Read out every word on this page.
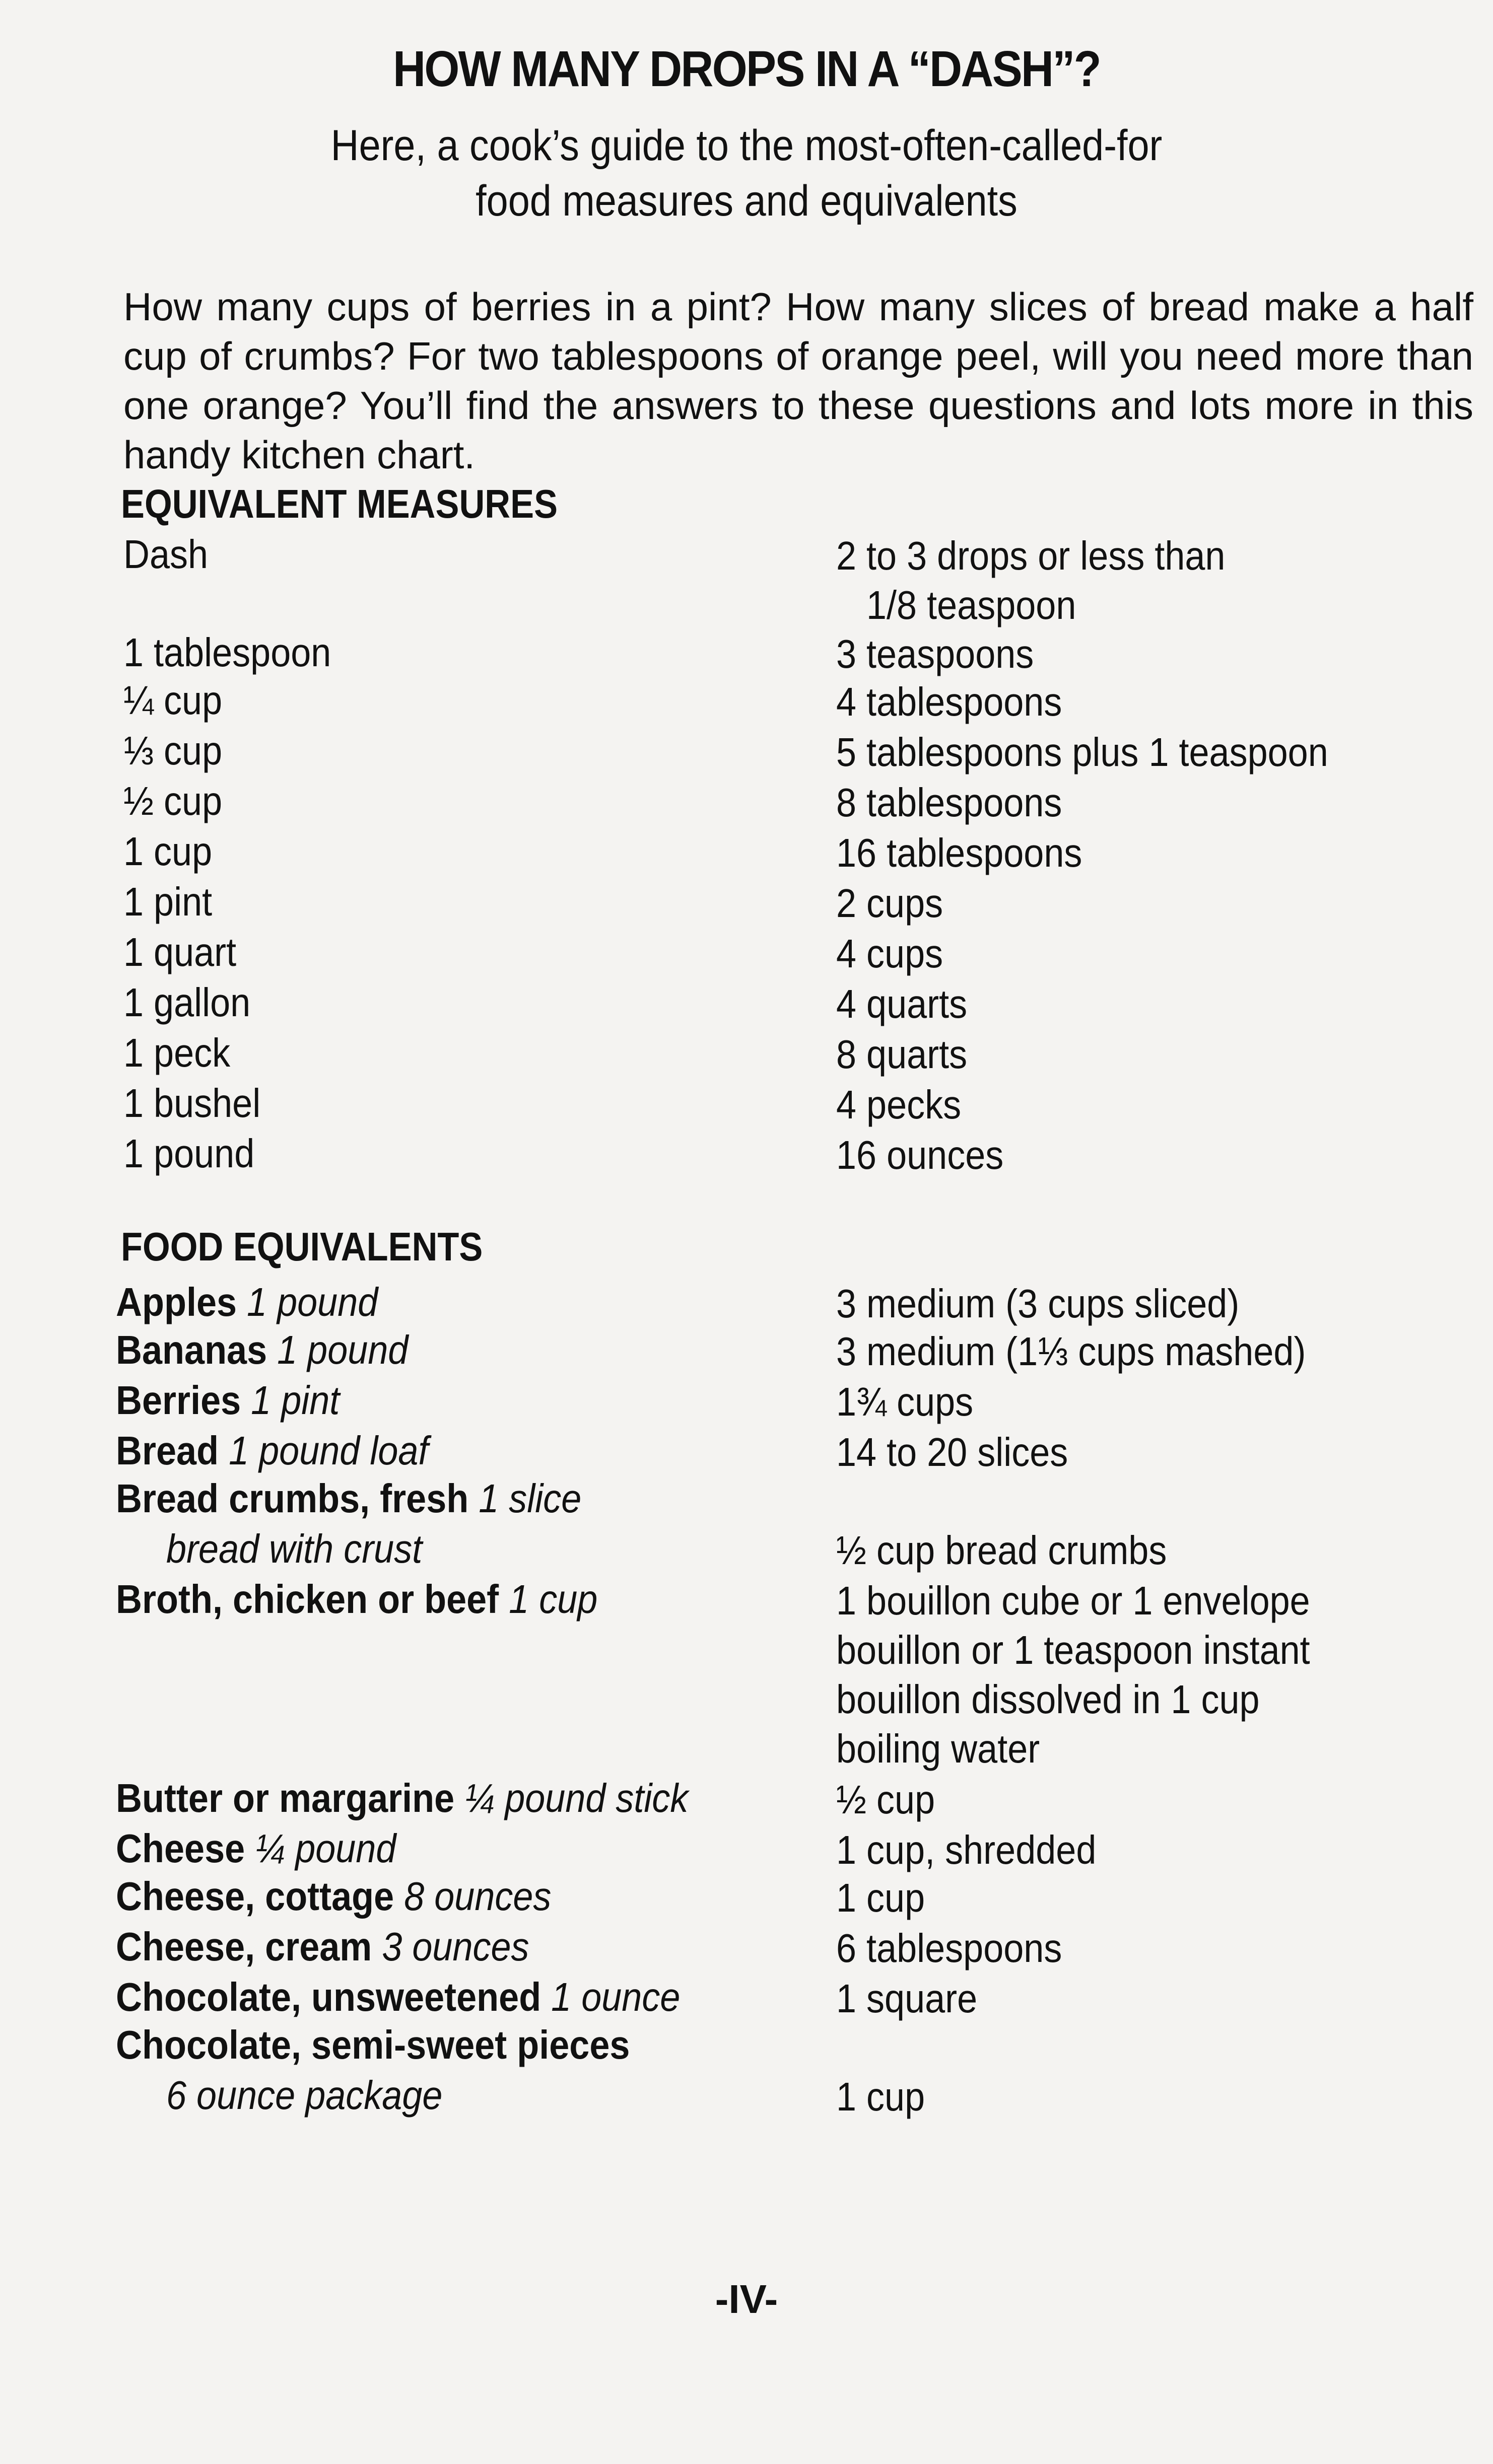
HOW MANY DROPS IN A “DASH”?
Here, a cook’s guide to the most-often-called-for
food measures and equivalents
How many cups of berries in a pint? How many slices of bread make a half cup of crumbs? For two tablespoons of orange peel, will you need more than one orange? You’ll find the answers to these questions and lots more in this handy kitchen chart.
EQUIVALENT MEASURES
Dash	2 to 3 drops or less than
1/8 teaspoon
1 tablespoon	3 teaspoons
¼ cup	4 tablespoons
⅓ cup	5 tablespoons plus 1 teaspoon
½ cup	8 tablespoons
1 cup	16 tablespoons
1 pint	2 cups
1 quart	4 cups
1 gallon	4 quarts
1 peck	8 quarts
1 bushel	4 pecks
1 pound	16 ounces
FOOD EQUIVALENTS
Apples 1 pound	3 medium (3 cups sliced)
Bananas 1 pound	3 medium (1⅓ cups mashed)
Berries 1 pint	1¾ cups
Bread 1 pound loaf	14 to 20 slices
Bread crumbs, fresh 1 slice
bread with crust	½ cup bread crumbs
Broth, chicken or beef 1 cup	1 bouillon cube or 1 envelope
bouillon or 1 teaspoon instant
bouillon dissolved in 1 cup
boiling water
Butter or margarine ¼ pound stick	½ cup
Cheese ¼ pound	1 cup, shredded
Cheese, cottage 8 ounces	1 cup
Cheese, cream 3 ounces	6 tablespoons
Chocolate, unsweetened 1 ounce	1 square
Chocolate, semi-sweet pieces
6 ounce package	1 cup
-IV-
